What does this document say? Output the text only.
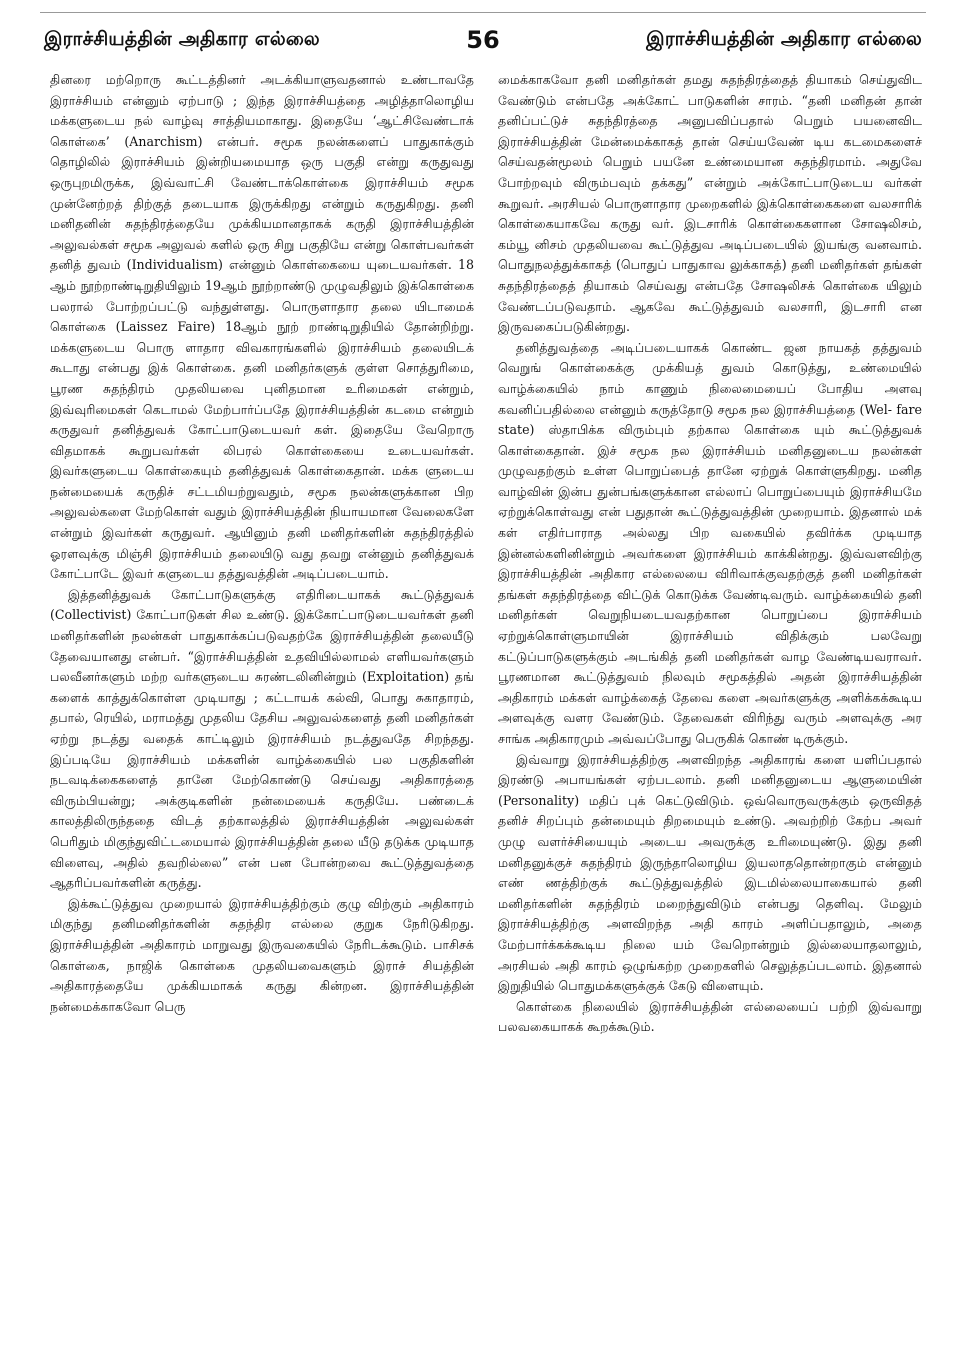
இராச்சியத்தின் அதிகார எல்லை	56	இராச்சியத்தின் அதிகார எல்லை

தினரை மற்றொரு கூட்டத்தினர் அடக்கியாளுவதனால் உண்டாவதே இராச்சியம் என்னும் ஏற்பாடு ; இந்த இராச்சியத்தை அழித்தாலொழிய மக்களுடைய நல் வாழ்வு சாத்தியமாகாது. இதையே ‘ஆட்சிவேண்டாக் கொள்கை’ (Anarchism) என்பர். சமூக நலன்களைப் பாதுகாக்கும் தொழிலில் இராச்சியம் இன்றியமையாத ஒரு பகுதி என்று கருதுவது ஒருபுறமிருக்க, இவ்வாட்சி வேண்டாக்கொள்கை இராச்சியம் சமூக முன்னேற்றத் திற்குத் தடையாக இருக்கிறது என்றும் கருதுகிறது. தனி மனிதனின் சுதந்திரத்தையே முக்கியமானதாகக் கருதி இராச்சியத்தின் அலுவல்கள் சமூக அலுவல் களில் ஒரு சிறு பகுதியே என்று கொள்பவர்கள் தனித் துவம் (Individualism) என்னும் கொள்கையை யுடையவர்கள். 18 ஆம் நூற்றாண்டிறுதியிலும் 19ஆம் நூற்றாண்டு முழுவதிலும் இக்கொள்கை பலரால் போற்றப்பட்டு வந்துள்ளது. பொருளாதார தலை யிடாமைக் கொள்கை (Laissez Faire) 18ஆம் நூற் றாண்டிறுதியில் தோன்றிற்று. மக்களுடைய பொரு ளாதார விவகாரங்களில் இராச்சியம் தலையிடக் கூடாது என்பது இக் கொள்கை. தனி மனிதர்களுக் குள்ள சொத்துரிமை, பூரண சுதந்திரம் முதலியவை புனிதமான உரிமைகள் என்றும், இவ்வுரிமைகள் கெடாமல் மேற்பார்ப்பதே இராச்சியத்தின் கடமை என்றும் கருதுவர் தனித்துவக் கோட்பாடுடையவர் கள். இதையே வேறொரு விதமாகக் கூறுபவர்கள் லிபரல் கொள்கையை உடையவர்கள். இவர்களுடைய கொள்கையும் தனித்துவக் கொள்கைதான். மக்க ளுடைய நன்மையைக் கருதிச் சட்டமியற்றுவதும், சமூக நலன்களுக்கான பிற அலுவல்களை மேற்கொள் வதும் இராச்சியத்தின் நியாயமான வேலைகளே என்றும் இவர்கள் கருதுவர். ஆயினும் தனி மனிதர்களின் சுதந்திரத்தில் ஓரளவுக்கு மிஞ்சி இராச்சியம் தலையிடு வது தவறு என்னும் தனித்துவக் கோட்பாடே இவர் களுடைய தத்துவத்தின் அடிப்படையாம்.

இத்தனித்துவக் கோட்பாடுகளுக்கு எதிரிடையாகக் கூட்டுத்துவக் (Collectivist) கோட்பாடுகள் சில உண்டு. இக்கோட்பாடுடையவர்கள் தனி மனிதர்களின் நலன்கள் பாதுகாக்கப்படுவதற்கே இராச்சியத்தின் தலையீடு தேவையானது என்பர். “இராச்சியத்தின் உதவியில்லாமல் எளியவர்களும் பலவீனர்களும் மற்ற வர்களுடைய சுரண்டலினின்றும் (Exploitation) தங் களைக் காத்துக்கொள்ள முடியாது ; கட்டாயக் கல்வி, பொது சுகாதாரம், தபால், ரெயில், மராமத்து முதலிய தேசிய அலுவல்களைத் தனி மனிதர்கள் ஏற்று நடத்து வதைக் காட்டிலும் இராச்சியம் நடத்துவதே சிறந்தது. இப்படியே இராச்சியம் மக்களின் வாழ்க்கையில் பல பகுதிகளின் நடவடிக்கைகளைத் தானே மேற்கொண்டு செய்வது அதிகாரத்தை விரும்பியன்று; அக்குடிகளின் நன்மையைக் கருதியே. பண்டைக் காலத்திலிருந்ததை விடத் தற்காலத்தில் இராச்சியத்தின் அலுவல்கள் பெரிதும் மிகுந்துவிட்டமையால் இராச்சியத்தின் தலை யீடு தடுக்க முடியாத விளைவு, அதில் தவறில்லை” என் பன போன்றவை கூட்டுத்துவத்தை ஆதரிப்பவர்களின் கருத்து.

இக்கூட்டுத்துவ முறையால் இராச்சியத்திற்கும் குழு விற்கும் அதிகாரம் மிகுந்து தனிமனிதர்களின் சுதந்திர எல்லை குறுக நேரிடுகிறது. இராச்சியத்தின் அதிகாரம் மாறுவது இருவகையில் நேரிடக்கூடும். பாசிசக் கொள்கை, நாஜிக் கொள்கை முதலியவைகளும் இராச் சியத்தின் அதிகாரத்தையே முக்கியமாகக் கருது கின்றன. இராச்சியத்தின் நன்மைக்காகவோ பெரு

மைக்காகவோ தனி மனிதர்கள் தமது சுதந்திரத்தைத் தியாகம் செய்துவிட வேண்டும் என்பதே அக்கோட் பாடுகளின் சாரம். “தனி மனிதன் தான் தனிப்பட்டுச் சுதந்திரத்தை அனுபவிப்பதால் பெறும் பயனைவிட இராச்சியத்தின் மேன்மைக்காகத் தான் செய்யவேண் டிய கடமைகளைச் செய்வதன்மூலம் பெறும் பயனே உண்மையான சுதந்திரமாம். அதுவே போற்றவும் விரும்பவும் தக்கது” என்றும் அக்கோட்பாடுடைய வர்கள் கூறுவர். அரசியல் பொருளாதார முறைகளில் இக்கொள்கைகளை வலசாரிக் கொள்கையாகவே கருது வர். இடசாரிக் கொள்கைகளான சோஷலிசம், கம்யூ னிசம் முதலியவை கூட்டுத்துவ அடிப்படையில் இயங்கு வனவாம். பொதுநலத்துக்காகத் (பொதுப் பாதுகாவ லுக்காகத்) தனி மனிதர்கள் தங்கள் சுதந்திரத்தைத் தியாகம் செய்வது என்பதே சோஷலிசக் கொள்கை யிலும் வேண்டப்படுவதாம். ஆகவே கூட்டுத்துவம் வலசாரி, இடசாரி என இருவகைப்படுகின்றது.

தனித்துவத்தை அடிப்படையாகக் கொண்ட ஜன நாயகத் தத்துவம் வெறுங் கொள்கைக்கு முக்கியத் துவம் கொடுத்து, உண்மையில் வாழ்க்கையில் நாம் காணும் நிலைமையைப் போதிய அளவு கவனிப்பதில்லை என்னும் கருத்தோடு சமூக நல இராச்சியத்தை (Wel- fare state) ஸ்தாபிக்க விரும்பும் தற்கால கொள்கை யும் கூட்டுத்துவக் கொள்கைதான். இச் சமூக நல இராச்சியம் மனிதனுடைய நலன்கள் முழுவதற்கும் உள்ள பொறுப்பைத் தானே ஏற்றுக் கொள்ளுகிறது. மனித வாழ்வின் இன்ப துன்பங்களுக்கான எல்லாப் பொறுப்பையும் இராச்சியமே ஏற்றுக்கொள்வது என் பதுதான் கூட்டுத்துவத்தின் முறையாம். இதனால் மக் கள் எதிர்பாராத அல்லது பிற வகையில் தவிர்க்க முடியாத இன்னல்களினின்றும் அவர்களை இராச்சியம் காக்கின்றது. இவ்வளவிற்கு இராச்சியத்தின் அதிகார எல்லையை விரிவாக்குவதற்குத் தனி மனிதர்கள் தங்கள் சுதந்திரத்தை விட்டுக் கொடுக்க வேண்டிவரும். வாழ்க்கையில் தனி மனிதர்கள் வெறுநியடையவதற்கான பொறுப்பை இராச்சியம் ஏற்றுக்கொள்ளுமாயின் இராச்சியம் விதிக்கும் பலவேறு கட்டுப்பாடுகளுக்கும் அடங்கித் தனி மனிதர்கள் வாழ வேண்டியவராவர். பூரணமான கூட்டுத்துவம் நிலவும் சமூகத்தில் அதன் இராச்சியத்தின் அதிகாரம் மக்கள் வாழ்க்கைத் தேவை களை அவர்களுக்கு அளிக்கக்கூடிய அளவுக்கு வளர வேண்டும். தேவைகள் விரிந்து வரும் அளவுக்கு அர சாங்க அதிகாரமும் அவ்வப்போது பெருகிக் கொண் டிருக்கும்.

இவ்வாறு இராச்சியத்திற்கு அளவிறந்த அதிகாரங் களை யளிப்பதால் இரண்டு அபாயங்கள் ஏற்படலாம். தனி மனிதனுடைய ஆளுமையின் (Personality) மதிப் புக் கெட்டுவிடும். ஒவ்வொருவருக்கும் ஒருவிதத் தனிச் சிறப்பும் தன்மையும் திறமையும் உண்டு. அவற்றிற் கேற்ப அவர் முழு வளர்ச்சியையும் அடைய அவருக்கு உரிமையுண்டு. இது தனி மனிதனுக்குச் சுதந்திரம் இருந்தாலொழிய இயலாததொன்றாகும் என்னும் எண் ணத்திற்குக் கூட்டுத்துவத்தில் இடமில்லையாகையால் தனி மனிதர்களின் சுதந்திரம் மறைந்துவிடும் என்பது தெளிவு. மேலும் இராச்சியத்திற்கு அளவிறந்த அதி காரம் அளிப்பதாலும், அதை மேற்பார்க்கக்கூடிய நிலை யம் வேறொன்றும் இல்லையாதலாலும், அரசியல் அதி காரம் ஒழுங்கற்ற முறைகளில் செலுத்தப்படலாம். இதனால் இறுதியில் பொதுமக்களுக்குக் கேடு விளையும்.

கொள்கை நிலையில் இராச்சியத்தின் எல்லையைப் பற்றி இவ்வாறு பலவகையாகக் கூறக்கூடும்.
